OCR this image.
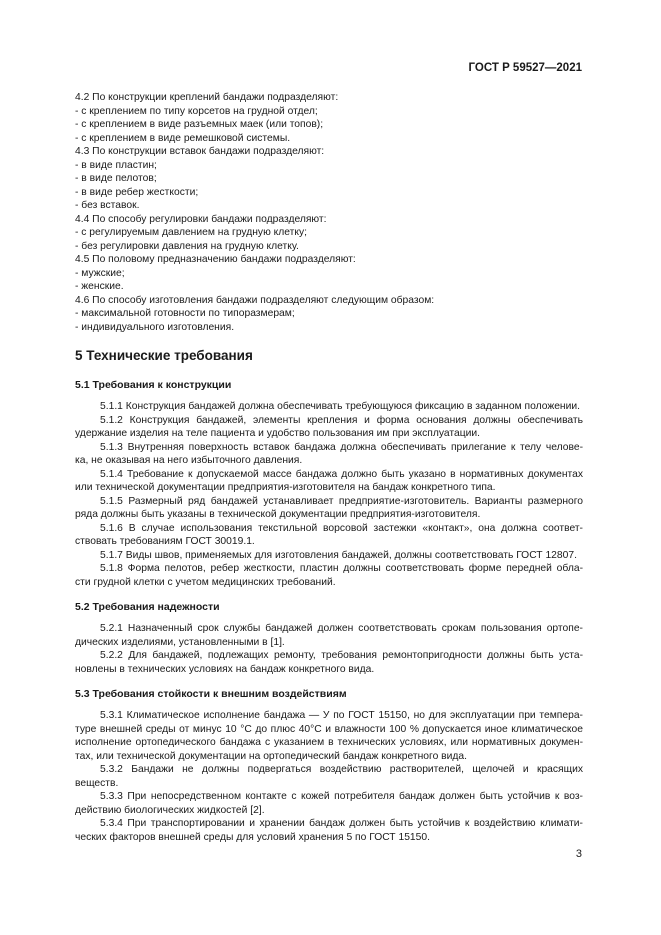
ГОСТ Р 59527—2021
4.2 По конструкции креплений бандажи подразделяют:
- с креплением по типу корсетов на грудной отдел;
- с креплением в виде разъемных маек (или топов);
- с креплением в виде ремешковой системы.
4.3 По конструкции вставок бандажи подразделяют:
- в виде пластин;
- в виде пелотов;
- в виде ребер жесткости;
- без вставок.
4.4 По способу регулировки бандажи подразделяют:
- с регулируемым давлением на грудную клетку;
- без регулировки давления на грудную клетку.
4.5 По половому предназначению бандажи подразделяют:
- мужские;
- женские.
4.6 По способу изготовления бандажи подразделяют следующим образом:
- максимальной готовности по типоразмерам;
- индивидуального изготовления.
5 Технические требования
5.1 Требования к конструкции
5.1.1 Конструкция бандажей должна обеспечивать требующуюся фиксацию в заданном положении.
5.1.2 Конструкция бандажей, элементы крепления и форма основания должны обеспечивать
удержание изделия на теле пациента и удобство пользования им при эксплуатации.
5.1.3 Внутренняя поверхность вставок бандажа должна обеспечивать прилегание к телу челове-
ка, не оказывая на него избыточного давления.
5.1.4 Требование к допускаемой массе бандажа должно быть указано в нормативных документах
или технической документации предприятия-изготовителя на бандаж конкретного типа.
5.1.5 Размерный ряд бандажей устанавливает предприятие-изготовитель. Варианты размерного
ряда должны быть указаны в технической документации предприятия-изготовителя.
5.1.6 В случае использования текстильной ворсовой застежки «контакт», она должна соответ-
ствовать требованиям ГОСТ 30019.1.
5.1.7 Виды швов, применяемых для изготовления бандажей, должны соответствовать ГОСТ 12807.
5.1.8 Форма пелотов, ребер жесткости, пластин должны соответствовать форме передней обла-
сти грудной клетки с учетом медицинских требований.
5.2 Требования надежности
5.2.1 Назначенный срок службы бандажей должен соответствовать срокам пользования ортопе-
дических изделиями, установленными в [1].
5.2.2 Для бандажей, подлежащих ремонту, требования ремонтопригодности должны быть уста-
новлены в технических условиях на бандаж конкретного вида.
5.3 Требования стойкости к внешним воздействиям
5.3.1 Климатическое исполнение бандажа — У по ГОСТ 15150, но для эксплуатации при темпера-
туре внешней среды от минус 10 °С до плюс 40°С и влажности 100 % допускается иное климатическое
исполнение ортопедического бандажа с указанием в технических условиях, или нормативных докумен-
тах, или технической документации на ортопедический бандаж конкретного вида.
5.3.2 Бандажи не должны подвергаться воздействию растворителей, щелочей и красящих
веществ.
5.3.3 При непосредственном контакте с кожей потребителя бандаж должен быть устойчив к воз-
действию биологических жидкостей [2].
5.3.4 При транспортировании и хранении бандаж должен быть устойчив к воздействию климати-
ческих факторов внешней среды для условий хранения 5 по ГОСТ 15150.
3
